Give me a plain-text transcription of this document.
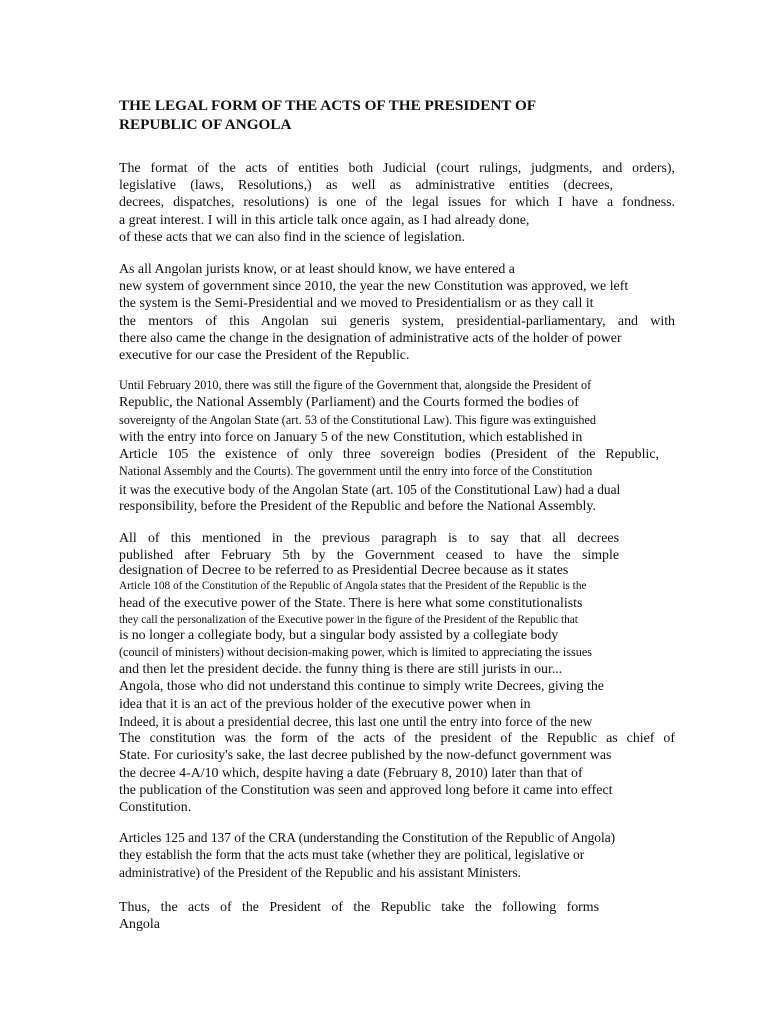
THE LEGAL FORM OF THE ACTS OF THE PRESIDENT OF
REPUBLIC OF ANGOLA
The format of the acts of entities both Judicial (court rulings, judgments, and orders),
legislative (laws, Resolutions,) as well as administrative entities (decrees,
decrees, dispatches, resolutions) is one of the legal issues for which I have a fondness.
a great interest. I will in this article talk once again, as I had already done,
of these acts that we can also find in the science of legislation.
As all Angolan jurists know, or at least should know, we have entered a
new system of government since 2010, the year the new Constitution was approved, we left
the system is the Semi-Presidential and we moved to Presidentialism or as they call it
the mentors of this Angolan sui generis system, presidential-parliamentary, and with
there also came the change in the designation of administrative acts of the holder of power
executive for our case the President of the Republic.
Until February 2010, there was still the figure of the Government that, alongside the President of
Republic, the National Assembly (Parliament) and the Courts formed the bodies of
sovereignty of the Angolan State (art. 53 of the Constitutional Law). This figure was extinguished
with the entry into force on January 5 of the new Constitution, which established in
Article 105 the existence of only three sovereign bodies (President of the Republic,
National Assembly and the Courts). The government until the entry into force of the Constitution
it was the executive body of the Angolan State (art. 105 of the Constitutional Law) had a dual
responsibility, before the President of the Republic and before the National Assembly.
All of this mentioned in the previous paragraph is to say that all decrees
published after February 5th by the Government ceased to have the simple
designation of Decree to be referred to as Presidential Decree because as it states
Article 108 of the Constitution of the Republic of Angola states that the President of the Republic is the
head of the executive power of the State. There is here what some constitutionalists
they call the personalization of the Executive power in the figure of the President of the Republic that
is no longer a collegiate body, but a singular body assisted by a collegiate body
(council of ministers) without decision-making power, which is limited to appreciating the issues
and then let the president decide. the funny thing is there are still jurists in our...
Angola, those who did not understand this continue to simply write Decrees, giving the
idea that it is an act of the previous holder of the executive power when in
Indeed, it is about a presidential decree, this last one until the entry into force of the new
The constitution was the form of the acts of the president of the Republic as chief of
State. For curiosity's sake, the last decree published by the now-defunct government was
the decree 4-A/10 which, despite having a date (February 8, 2010) later than that of
the publication of the Constitution was seen and approved long before it came into effect
Constitution.
Articles 125 and 137 of the CRA (understanding the Constitution of the Republic of Angola)
they establish the form that the acts must take (whether they are political, legislative or
administrative) of the President of the Republic and his assistant Ministers.
Thus, the acts of the President of the Republic take the following forms
Angola
